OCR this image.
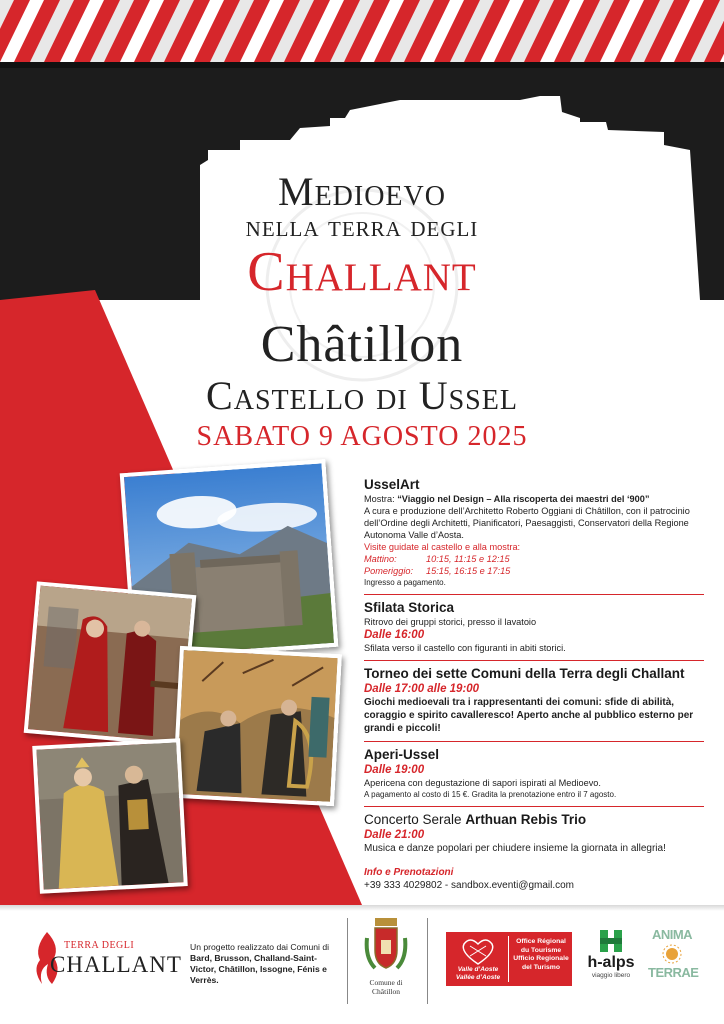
Medioevo
nella terra degli
Challant
Châtillon
Castello di Ussel
SABATO 9 AGOSTO 2025
UsselArt
Mostra: “Viaggio nel Design – Alla riscoperta dei maestri del ‘900”
A cura e produzione dell’Architetto Roberto Oggiani di Châtillon, con il patrocinio dell’Ordine degli Architetti, Pianificatori, Paesaggisti, Conservatori della Regione Autonoma Valle d’Aosta.
Visite guidate al castello e alla mostra:
Mattino:	10:15, 11:15 e 12:15
Pomeriggio:	15:15, 16:15 e 17:15
Ingresso a pagamento.
Sfilata Storica
Ritrovo dei gruppi storici, presso il lavatoio
Dalle 16:00
Sfilata verso il castello con figuranti in abiti storici.
Torneo dei sette Comuni della Terra degli Challant
Dalle 17:00 alle 19:00
Giochi medioevali tra i rappresentanti dei comuni: sfide di abilità, coraggio e spirito cavalleresco! Aperto anche al pubblico esterno per grandi e piccoli!
Aperi-Ussel
Dalle 19:00
Apericena con degustazione di sapori ispirati al Medioevo.
A pagamento al costo di 15 €. Gradita la prenotazione entro il 7 agosto.
Concerto Serale Arthuan Rebis Trio
Dalle 21:00
Musica e danze popolari per chiudere insieme la giornata in allegria!
Info e Prenotazioni
+39 333 4029802 - sandbox.eventi@gmail.com
TERRA DEGLI
CHALLANT
Un progetto realizzato dai Comuni di Bard, Brusson, Challand-Saint-Victor, Châtillon, Issogne, Fénis e Verrès.	Comune di
Châtillon
Valle d’Aoste
Vallée d’Aoste
Office Régional
du Tourisme
Ufficio Regionale
del Turismo	h-alps
viaggio libero
ANIMA
TERRAE
